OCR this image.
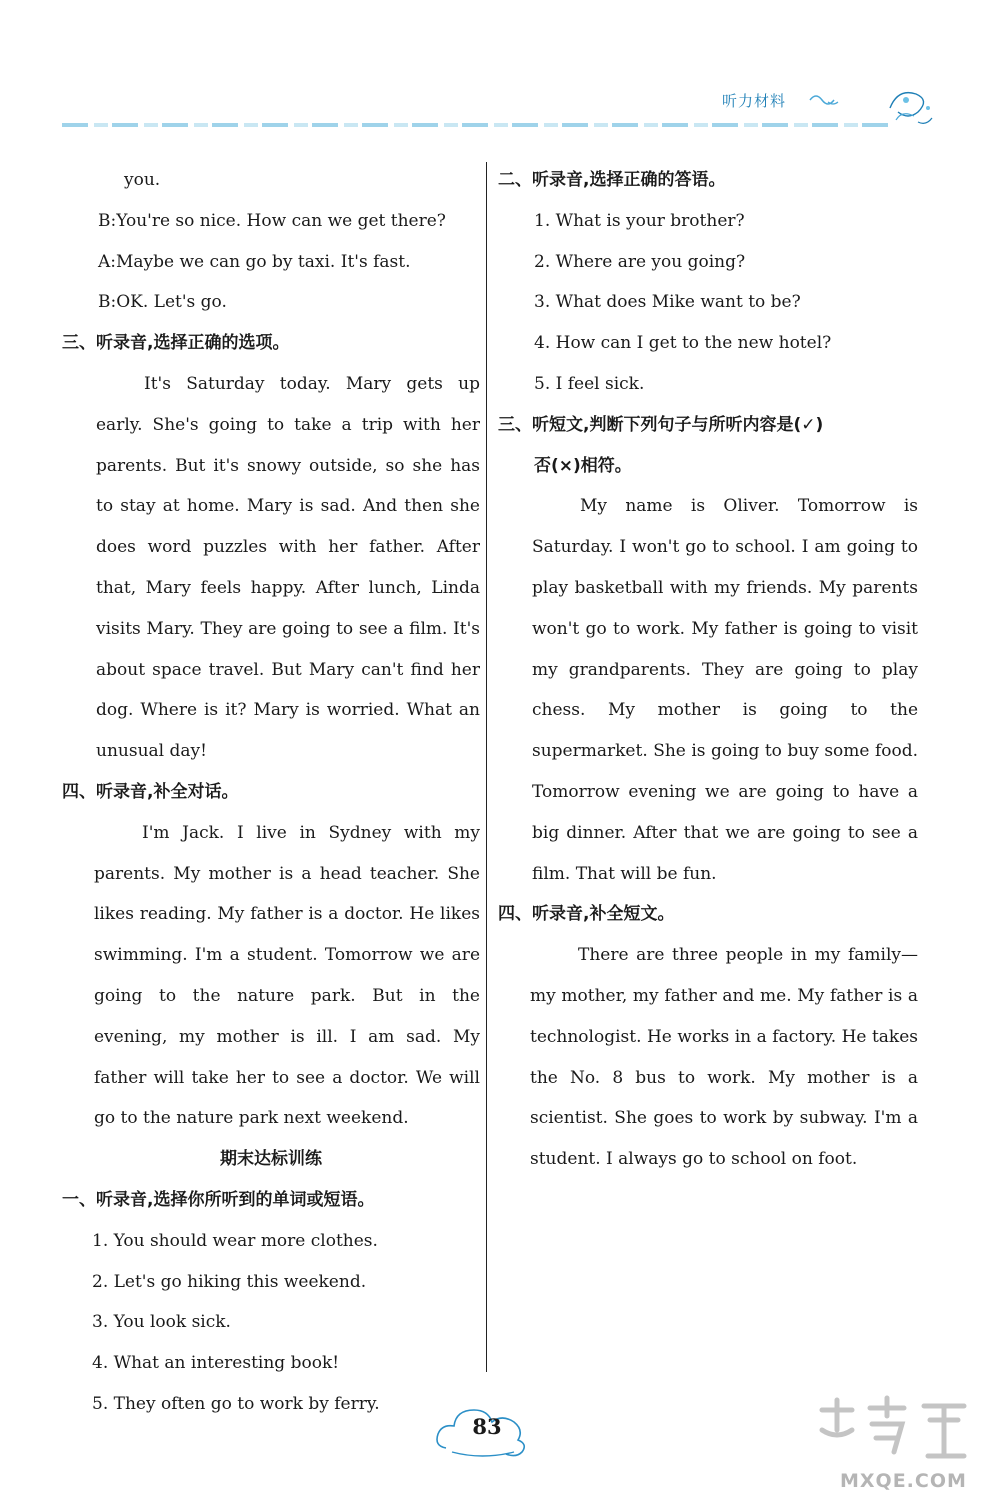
听力材料
you.
B:You're so nice. How can we get there?
A:Maybe we can go by taxi. It's fast.
B:OK. Let's go.
三、听录音,选择正确的选项。
It's Saturday today. Mary gets up early. She's going to take a trip with her parents. But it's snowy outside, so she has to stay at home. Mary is sad. And then she does word puzzles with her father. After that, Mary feels happy. After lunch, Linda visits Mary. They are going to see a film. It's about space travel. But Mary can't find her dog. Where is it? Mary is worried. What an unusual day!
四、听录音,补全对话。
I'm Jack. I live in Sydney with my parents. My mother is a head teacher. She likes reading. My father is a doctor. He likes swimming. I'm a student. Tomorrow we are going to the nature park. But in the evening, my mother is ill. I am sad. My father will take her to see a doctor. We will go to the nature park next weekend.
期末达标训练
一、听录音,选择你所听到的单词或短语。
1. You should wear more clothes.
2. Let's go hiking this weekend.
3. You look sick.
4. What an interesting book!
5. They often go to work by ferry.
二、听录音,选择正确的答语。
1. What is your brother?
2. Where are you going?
3. What does Mike want to be?
4. How can I get to the new hotel?
5. I feel sick.
三、听短文,判断下列句子与所听内容是(✓)
否(×)相符。
My name is Oliver. Tomorrow is Saturday. I won't go to school. I am going to play basketball with my friends. My parents won't go to work. My father is going to visit my grandparents. They are going to play chess. My mother is going to the supermarket. She is going to buy some food. Tomorrow evening we are going to have a big dinner. After that we are going to see a film. That will be fun.
四、听录音,补全短文。
There are three people in my family—my mother, my father and me. My father is a technologist. He works in a factory. He takes the No. 8 bus to work. My mother is a scientist. She goes to work by subway. I'm a student. I always go to school on foot.
83
MXQE.COM
